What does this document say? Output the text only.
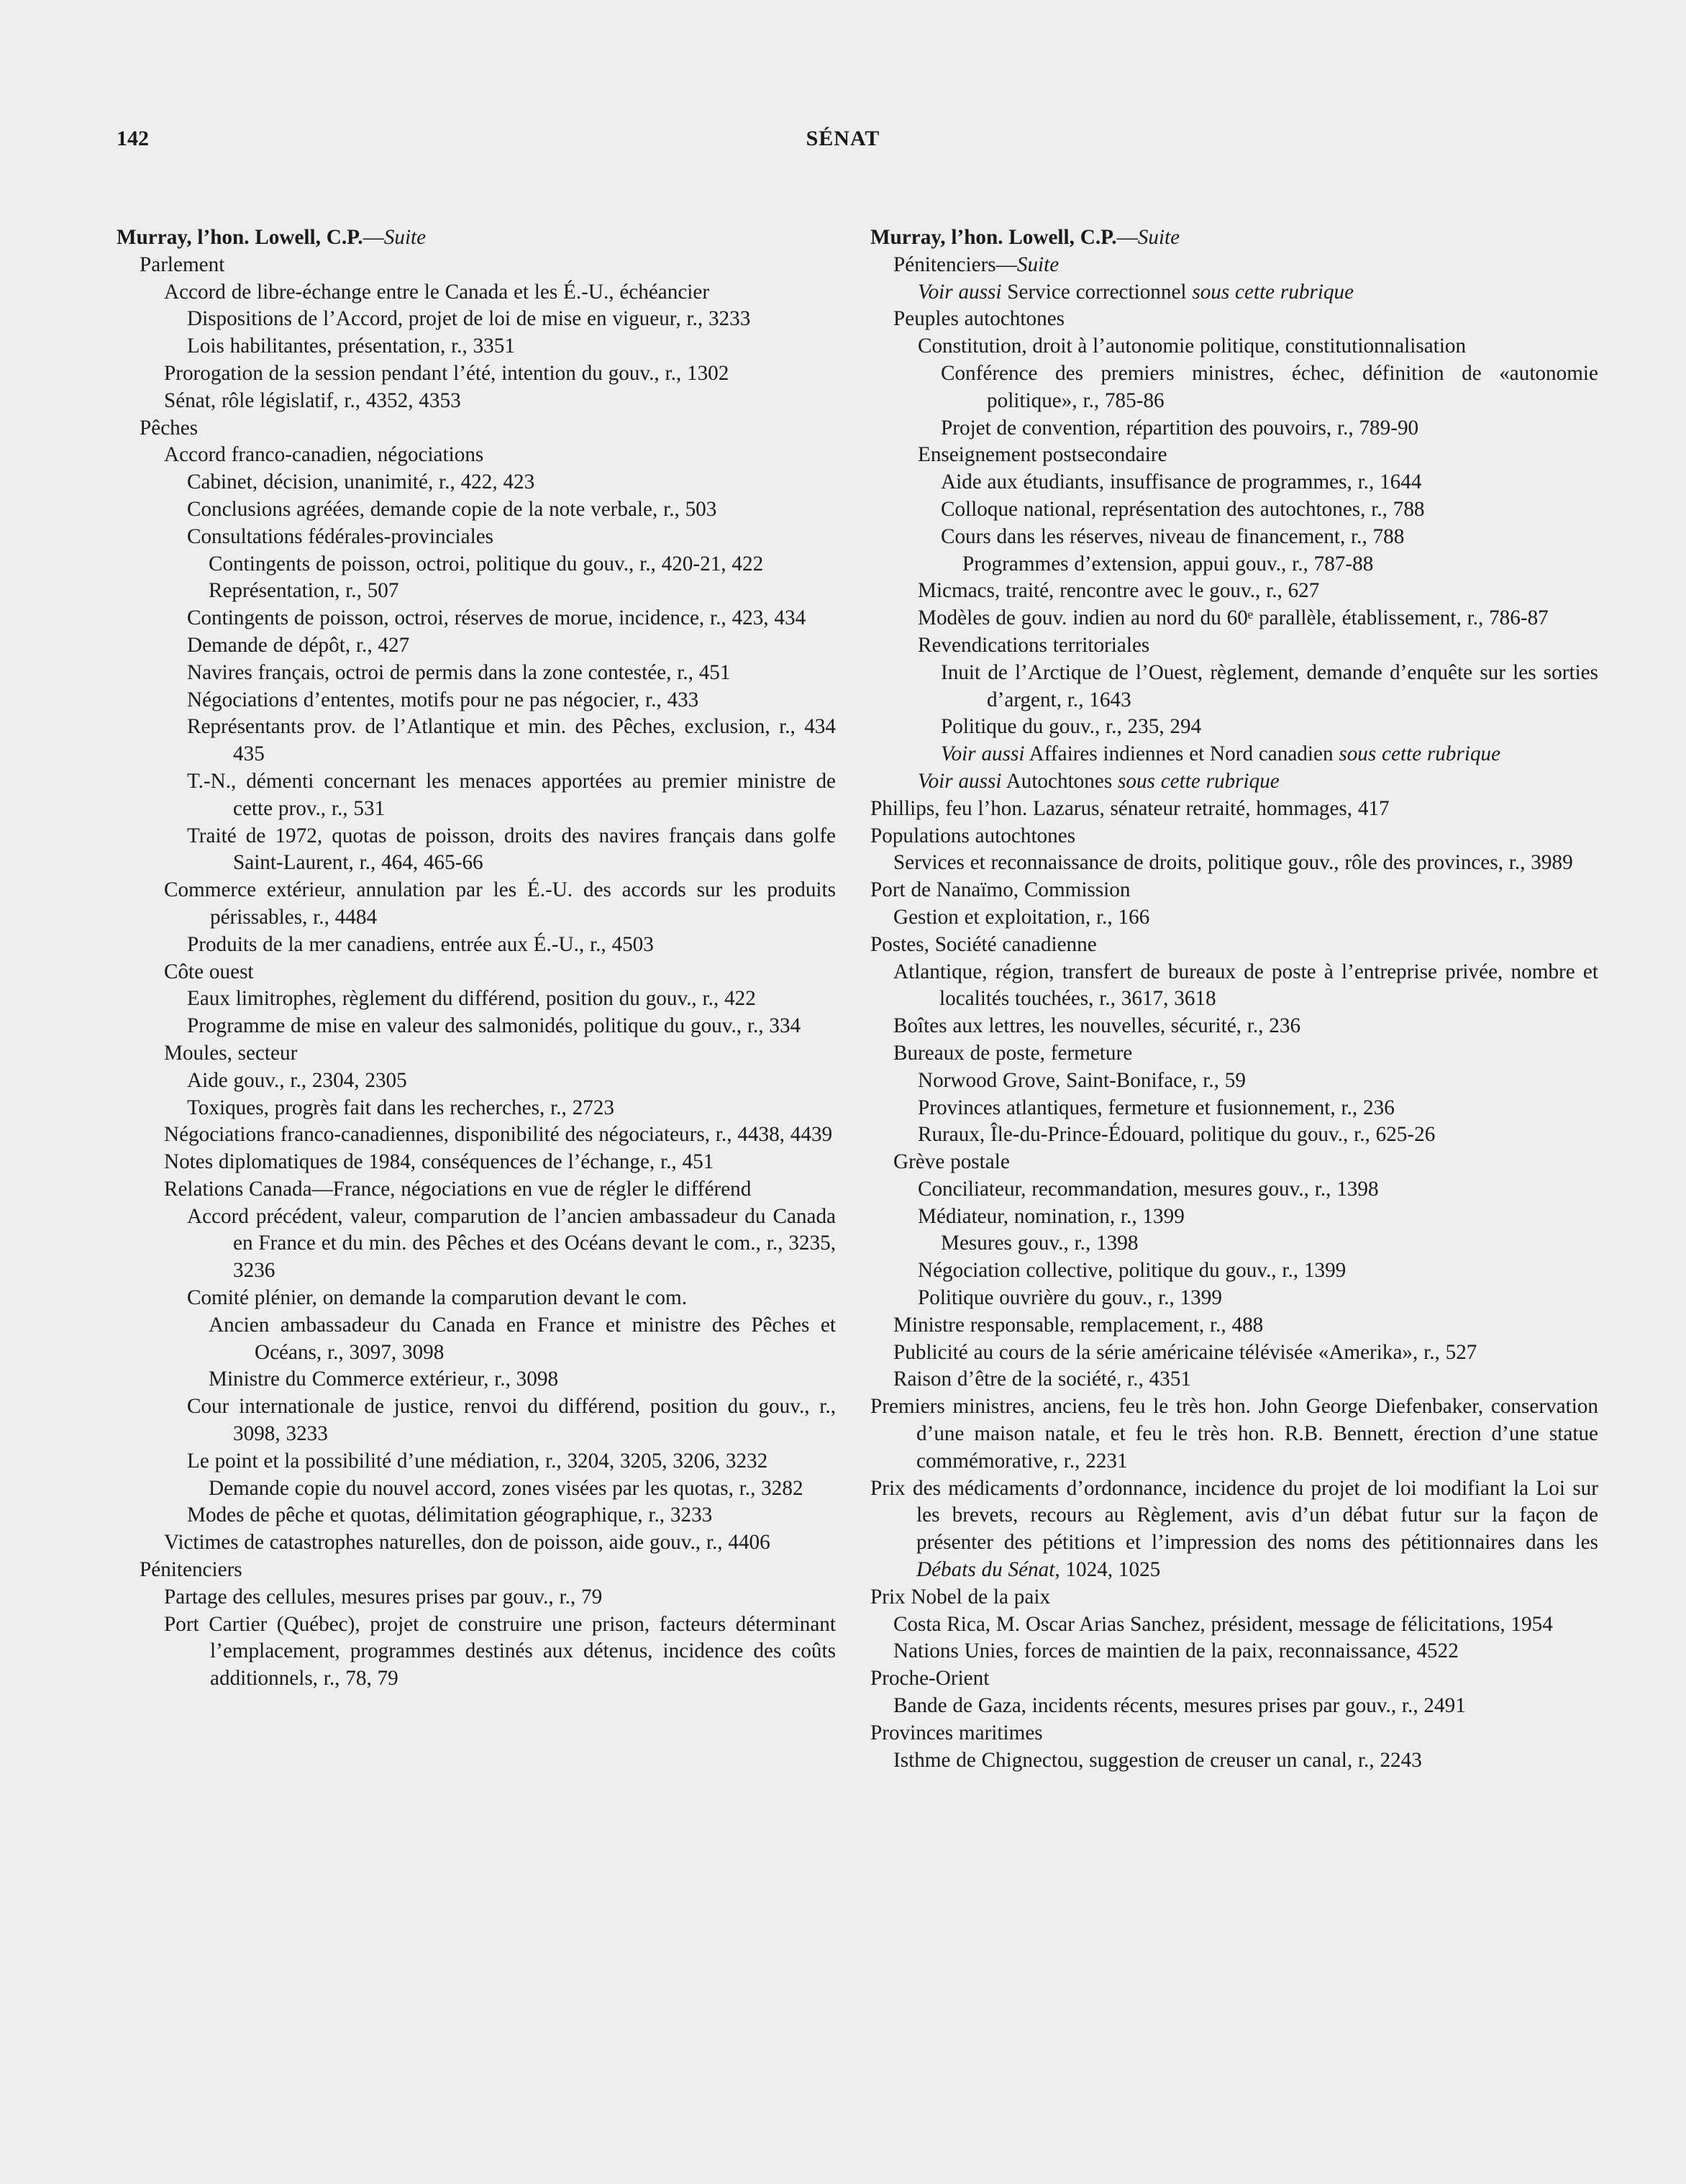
142	SÉNAT
Murray, l’hon. Lowell, C.P.—Suite
Parlement
Accord de libre-échange entre le Canada et les É.-U., échéancier
Dispositions de l’Accord, projet de loi de mise en vigueur, r., 3233
Lois habilitantes, présentation, r., 3351
Prorogation de la session pendant l’été, intention du gouv., r., 1302
Sénat, rôle législatif, r., 4352, 4353
Pêches
Accord franco-canadien, négociations
Cabinet, décision, unanimité, r., 422, 423
Conclusions agréées, demande copie de la note verbale, r., 503
Consultations fédérales-provinciales
Contingents de poisson, octroi, politique du gouv., r., 420-21, 422
Représentation, r., 507
Contingents de poisson, octroi, réserves de morue, incidence, r., 423, 434
Demande de dépôt, r., 427
Navires français, octroi de permis dans la zone contestée, r., 451
Négociations d’ententes, motifs pour ne pas négocier, r., 433
Représentants prov. de l’Atlantique et min. des Pêches, exclusion, r., 434 435
T.-N., démenti concernant les menaces apportées au premier ministre de cette prov., r., 531
Traité de 1972, quotas de poisson, droits des navires français dans golfe Saint-Laurent, r., 464, 465-66
Commerce extérieur, annulation par les É.-U. des accords sur les produits périssables, r., 4484
Produits de la mer canadiens, entrée aux É.-U., r., 4503
Côte ouest
Eaux limitrophes, règlement du différend, position du gouv., r., 422
Programme de mise en valeur des salmonidés, politique du gouv., r., 334
Moules, secteur
Aide gouv., r., 2304, 2305
Toxiques, progrès fait dans les recherches, r., 2723
Négociations franco-canadiennes, disponibilité des négociateurs, r., 4438, 4439
Notes diplomatiques de 1984, conséquences de l’échange, r., 451
Relations Canada—France, négociations en vue de régler le différend
Accord précédent, valeur, comparution de l’ancien ambassadeur du Canada en France et du min. des Pêches et des Océans devant le com., r., 3235, 3236
Comité plénier, on demande la comparution devant le com.
Ancien ambassadeur du Canada en France et ministre des Pêches et Océans, r., 3097, 3098
Ministre du Commerce extérieur, r., 3098
Cour internationale de justice, renvoi du différend, position du gouv., r., 3098, 3233
Le point et la possibilité d’une médiation, r., 3204, 3205, 3206, 3232
Demande copie du nouvel accord, zones visées par les quotas, r., 3282
Modes de pêche et quotas, délimitation géographique, r., 3233
Victimes de catastrophes naturelles, don de poisson, aide gouv., r., 4406
Pénitenciers
Partage des cellules, mesures prises par gouv., r., 79
Port Cartier (Québec), projet de construire une prison, facteurs déterminant l’emplacement, programmes destinés aux détenus, incidence des coûts additionnels, r., 78, 79
Murray, l’hon. Lowell, C.P.—Suite
Pénitenciers—Suite
Voir aussi Service correctionnel sous cette rubrique
Peuples autochtones
Constitution, droit à l’autonomie politique, constitutionnalisation
Conférence des premiers ministres, échec, définition de «autonomie politique», r., 785-86
Projet de convention, répartition des pouvoirs, r., 789-90
Enseignement postsecondaire
Aide aux étudiants, insuffisance de programmes, r., 1644
Colloque national, représentation des autochtones, r., 788
Cours dans les réserves, niveau de financement, r., 788
Programmes d’extension, appui gouv., r., 787-88
Micmacs, traité, rencontre avec le gouv., r., 627
Modèles de gouv. indien au nord du 60ᵉ parallèle, établissement, r., 786-87
Revendications territoriales
Inuit de l’Arctique de l’Ouest, règlement, demande d’enquête sur les sorties d’argent, r., 1643
Politique du gouv., r., 235, 294
Voir aussi Affaires indiennes et Nord canadien sous cette rubrique
Voir aussi Autochtones sous cette rubrique
Phillips, feu l’hon. Lazarus, sénateur retraité, hommages, 417
Populations autochtones
Services et reconnaissance de droits, politique gouv., rôle des provinces, r., 3989
Port de Nanaïmo, Commission
Gestion et exploitation, r., 166
Postes, Société canadienne
Atlantique, région, transfert de bureaux de poste à l’entreprise privée, nombre et localités touchées, r., 3617, 3618
Boîtes aux lettres, les nouvelles, sécurité, r., 236
Bureaux de poste, fermeture
Norwood Grove, Saint-Boniface, r., 59
Provinces atlantiques, fermeture et fusionnement, r., 236
Ruraux, Île-du-Prince-Édouard, politique du gouv., r., 625-26
Grève postale
Conciliateur, recommandation, mesures gouv., r., 1398
Médiateur, nomination, r., 1399
Mesures gouv., r., 1398
Négociation collective, politique du gouv., r., 1399
Politique ouvrière du gouv., r., 1399
Ministre responsable, remplacement, r., 488
Publicité au cours de la série américaine télévisée «Amerika», r., 527
Raison d’être de la société, r., 4351
Premiers ministres, anciens, feu le très hon. John George Diefenbaker, conservation d’une maison natale, et feu le très hon. R.B. Bennett, érection d’une statue commémorative, r., 2231
Prix des médicaments d’ordonnance, incidence du projet de loi modifiant la Loi sur les brevets, recours au Règlement, avis d’un débat futur sur la façon de présenter des pétitions et l’impression des noms des pétitionnaires dans les Débats du Sénat, 1024, 1025
Prix Nobel de la paix
Costa Rica, M. Oscar Arias Sanchez, président, message de félicitations, 1954
Nations Unies, forces de maintien de la paix, reconnaissance, 4522
Proche-Orient
Bande de Gaza, incidents récents, mesures prises par gouv., r., 2491
Provinces maritimes
Isthme de Chignectou, suggestion de creuser un canal, r., 2243
